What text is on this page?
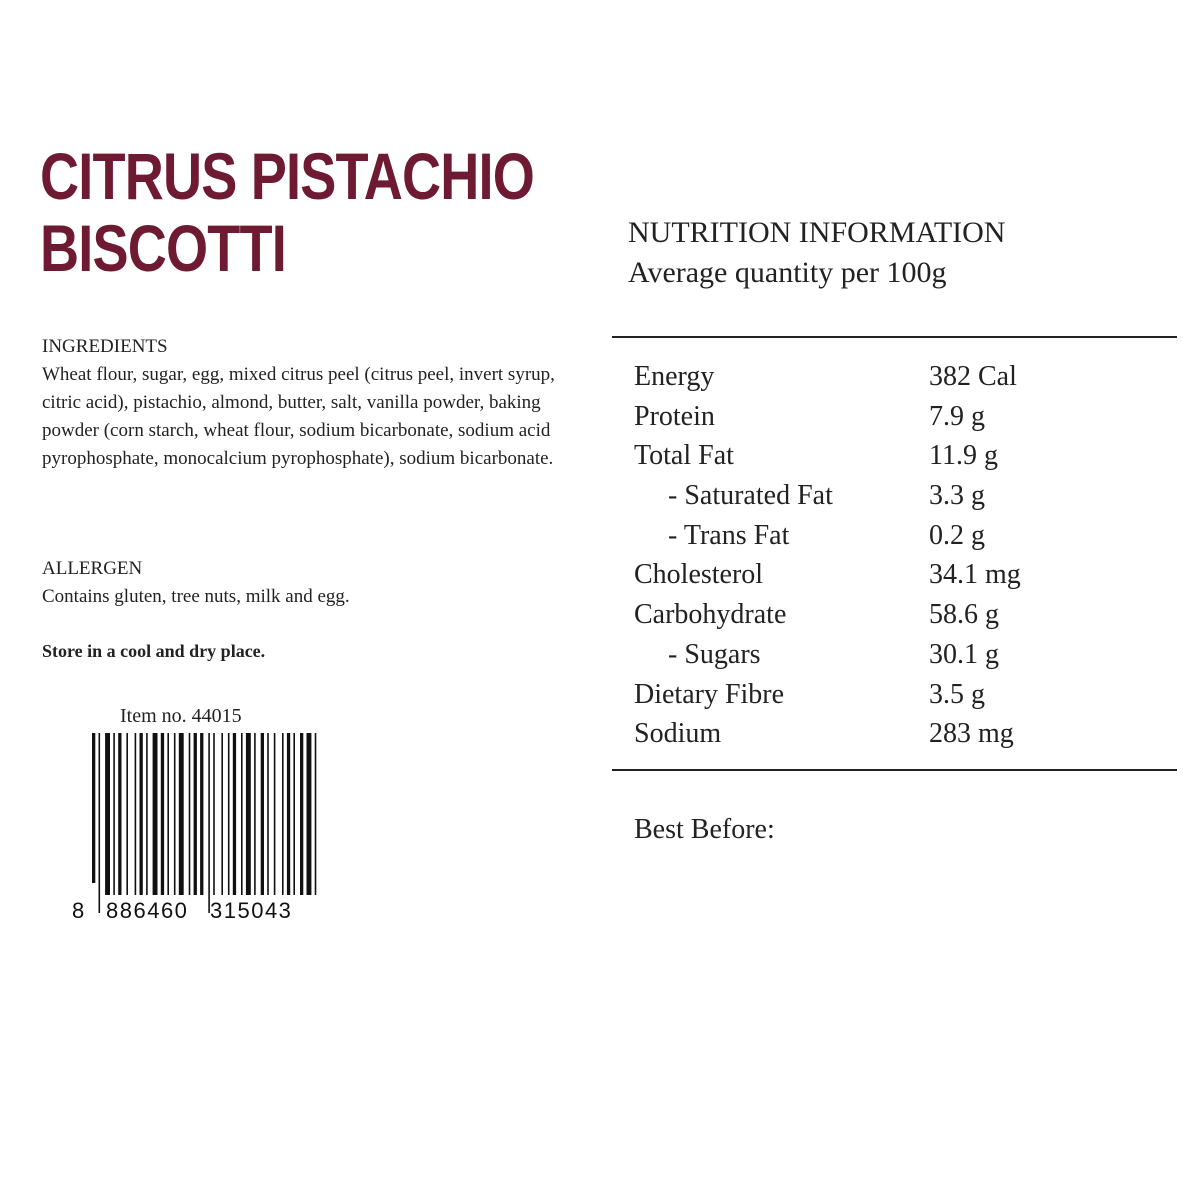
CITRUS PISTACHIO
BISCOTTI
INGREDIENTS
Wheat flour, sugar, egg, mixed citrus peel (citrus peel, invert syrup, citric acid), pistachio, almond, butter, salt, vanilla powder, baking powder (corn starch, wheat flour, sodium bicarbonate, sodium acid pyrophosphate, monocalcium pyrophosphate), sodium bicarbonate.
ALLERGEN
Contains gluten, tree nuts, milk and egg.
Store in a cool and dry place.
Item no. 44015
8 886460 315043
NUTRITION INFORMATION
Average quantity per 100g
Energy	382 Cal
Protein	7.9 g
Total Fat	11.9 g
- Saturated Fat	3.3 g
- Trans Fat	0.2 g
Cholesterol	34.1 mg
Carbohydrate	58.6 g
- Sugars	30.1 g
Dietary Fibre	3.5 g
Sodium	283 mg
Best Before:
